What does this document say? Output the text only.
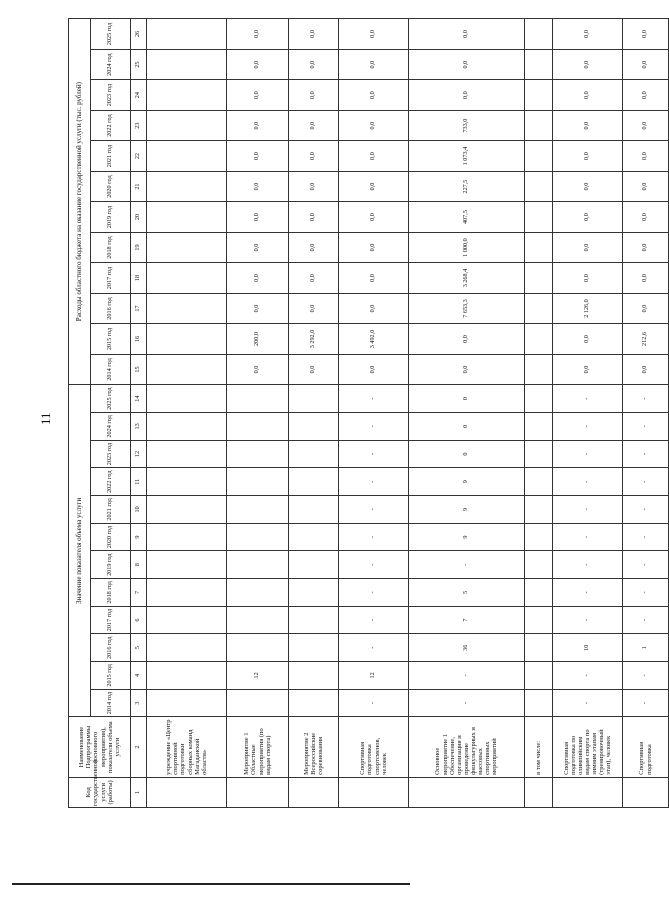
11
Код государственной услуги (работы)	Наименование Подпрограммы (основного мероприятия), показатели объема услуги	Значение показателя объема услуги												Расходы областного бюджета на оказание государственной услуги (тыс. рублей)											
		2014 год	2015 год	2016 год	2017 год	2018 год	2019 год	2020 год	2021 год	2022 год	2023 год	2024 год	2025 год	2014 год	2015 год	2016 год	2017 год	2018 год	2019 год	2020 год	2021 год	2022 год	2023 год	2024 год	2025 год
1	2	3	4	5	6	7	8	9	10	11	12	13	14	15	16	17	18	19	20	21	22	23	24	25	26
	учреждение «Центр спортивной подготовки сборных команд Магаданской области»																								
	Мероприятие 1 Областные мероприятия (по видам спорта)		12											0,0	200,0	0,0	0,0	0,0	0,0	0,0	0,0	0,0	0,0	0,0	0,0
	Мероприятие 2 Всероссийские соревнования													0,0	3 292,0	0,0	0,0	0,0	0,0	0,0	0,0	0,0	0,0	0,0	0,0
	Спортивная подготовка спортсменов, человек	-	12	-	-	-	-	-	-	-	-	-	-	0,0	3 492,0	0,0	0,0	0,0	0,0	0,0	0,0	0,0	0,0	0,0	0,0
	Основное мероприятие 1 Обеспечение, организация и проведение физкультурных и массовых спортивных мероприятий	-	-	36	7	5	-	9	9	9	0	0	0	0,0	0,0	7 653,3	3 268,4	1 000,0	407,5	227,5	1 073,4	733,0	0,0	0,0	0,0
	в том числе:																								
	Спортивная подготовка по олимпийским видам спорта по зимним этапам (тренировочный этап), человек	-	-	10	-	-	-	-	-	-	-	-	-	0,0	0,0	2 126,0	0,0	0,0	0,0	0,0	0,0	0,0	0,0	0,0	0,0
	Спортивная подготовка	-	-	1	-	-	-	-	-	-	-	-	-	0,0	212,6	0,0	0,0	0,0	0,0	0,0	0,0	0,0	0,0	0,0	0,0
